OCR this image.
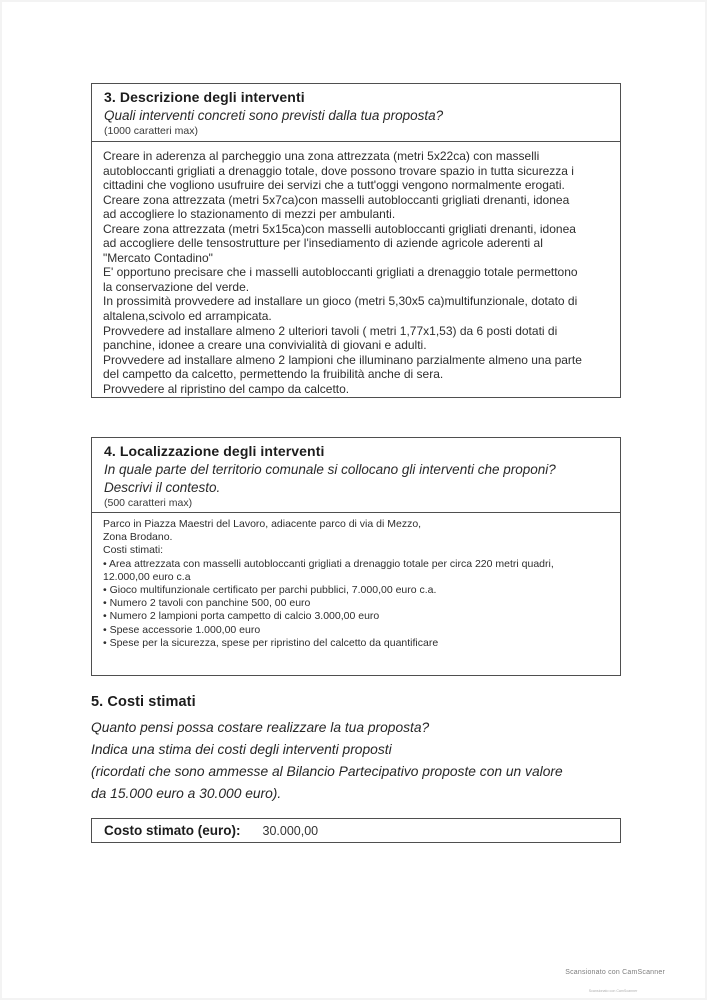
3. Descrizione degli interventi
Quali interventi concreti sono previsti dalla tua proposta?
(1000 caratteri max)
Creare in aderenza al parcheggio una zona attrezzata (metri 5x22ca) con masselli
autobloccanti grigliati a drenaggio totale, dove possono trovare spazio in tutta sicurezza i
cittadini che vogliono usufruire dei servizi che a tutt'oggi vengono normalmente erogati.
Creare zona attrezzata (metri 5x7ca)con masselli autobloccanti grigliati drenanti, idonea
ad accogliere lo stazionamento di mezzi per ambulanti.
Creare zona attrezzata (metri 5x15ca)con masselli autobloccanti grigliati drenanti, idonea
ad accogliere delle tensostrutture per l'insediamento di aziende agricole aderenti al
"Mercato Contadino"
E' opportuno precisare che i masselli autobloccanti grigliati a drenaggio totale permettono
la conservazione del verde.
In prossimità provvedere ad installare un gioco (metri 5,30x5 ca)multifunzionale, dotato di
altalena,scivolo ed arrampicata.
Provvedere ad installare almeno 2 ulteriori tavoli ( metri 1,77x1,53) da 6 posti dotati di
panchine, idonee a creare una convivialità di giovani e adulti.
Provvedere ad installare almeno 2 lampioni che illuminano parzialmente almeno una parte
del campetto da calcetto, permettendo la fruibilità anche di sera.
Provvedere al ripristino del campo da calcetto.
4. Localizzazione degli interventi
In quale parte del territorio comunale si collocano gli interventi che proponi?
Descrivi il contesto.
(500 caratteri max)
Parco in Piazza Maestri del Lavoro, adiacente parco di via di Mezzo,
Zona Brodano.
Costi stimati:
• Area attrezzata con masselli autobloccanti grigliati a drenaggio totale per circa 220 metri quadri,
12.000,00 euro c.a
• Gioco multifunzionale certificato per parchi pubblici, 7.000,00 euro c.a.
• Numero 2 tavoli con panchine 500, 00 euro
• Numero 2 lampioni porta campetto di calcio 3.000,00 euro
• Spese accessorie 1.000,00 euro
• Spese per la sicurezza, spese per ripristino del calcetto da quantificare
5. Costi stimati
Quanto pensi possa costare realizzare la tua proposta?
Indica una stima dei costi degli interventi proposti
(ricordati che sono ammesse al Bilancio Partecipativo proposte con un valore
da 15.000 euro a 30.000 euro).
Costo stimato (euro): 30.000,00
Scansionato con CamScanner
Scansionato con CamScanner
